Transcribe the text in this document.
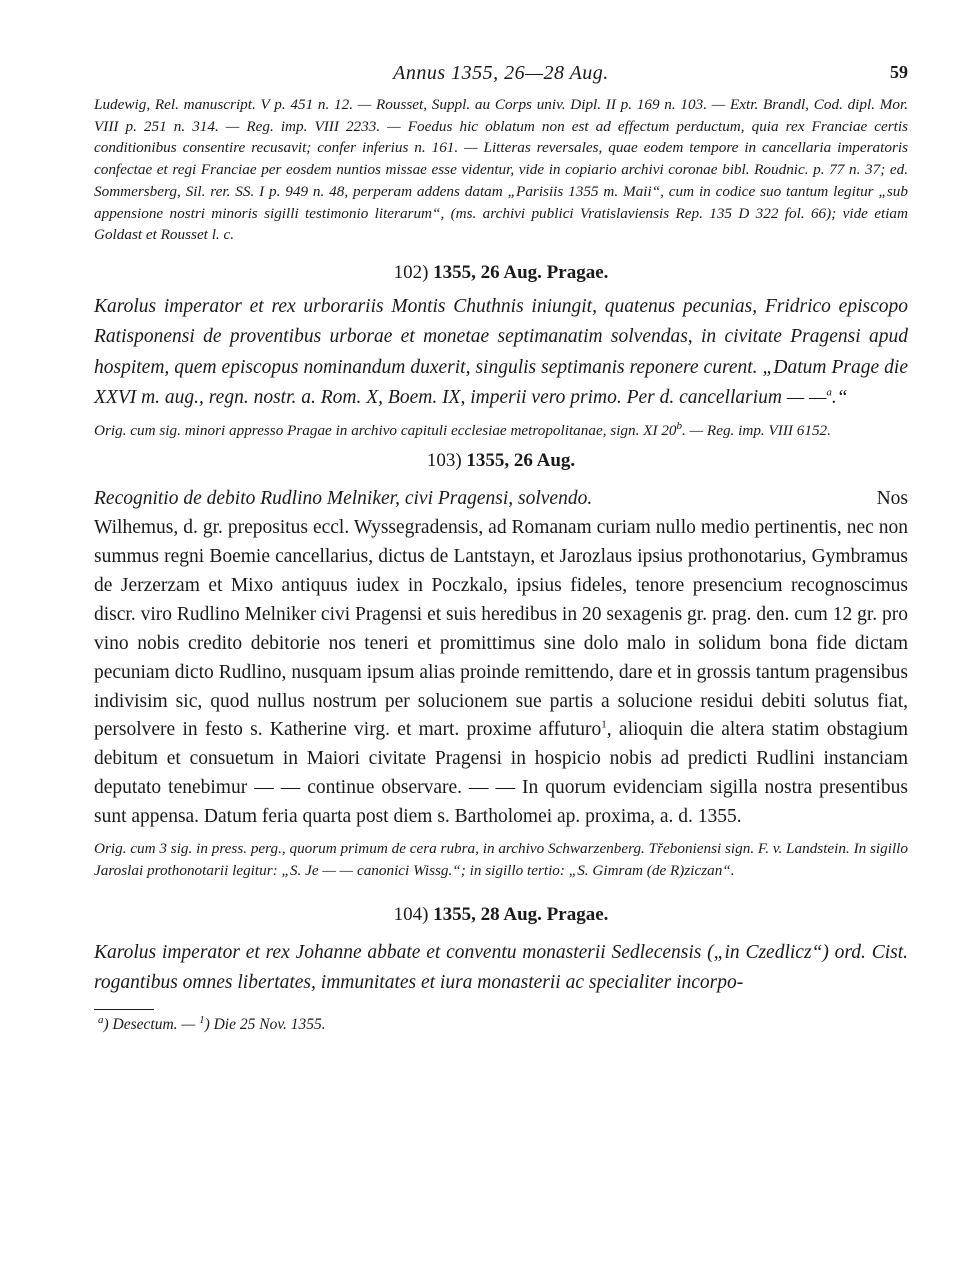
Annus 1355, 26—28 Aug.	59

Ludewig, Rel. manuscript. V p. 451 n. 12. — Rousset, Suppl. au Corps univ. Dipl. II p. 169 n. 103. — Extr. Brandl, Cod. dipl. Mor. VIII p. 251 n. 314. — Reg. imp. VIII 2233. — Foedus hic oblatum non est ad effectum perductum, quia rex Franciae certis conditionibus consentire recusavit; confer inferius n. 161. — Litteras reversales, quae eodem tempore in cancellaria imperatoris confectae et regi Franciae per eosdem nuntios missae esse videntur, vide in copiario archivi coronae bibl. Roudnic. p. 77 n. 37; ed. Sommersberg, Sil. rer. SS. I p. 949 n. 48, perperam addens datam „Parisiis 1355 m. Maii“, cum in codice suo tantum legitur „sub appensione nostri minoris sigilli testimonio literarum“, (ms. archivi publici Vratislaviensis Rep. 135 D 322 fol. 66); vide etiam Goldast et Rousset l. c.

102) 1355, 26 Aug. Pragae.

Karolus imperator et rex urborariis Montis Chuthnis iniungit, quatenus pecunias, Fridrico episcopo Ratisponensi de proventibus urborae et monetae septimanatim solvendas, in civitate Pragensi apud hospitem, quem episcopus nominandum duxerit, singulis septimanis reponere curent. „Datum Prage die XXVI m. aug., regn. nostr. a. Rom. X, Boem. IX, imperii vero primo. Per d. cancellarium — —$^a$.“

Orig. cum sig. minori appresso Pragae in archivo capituli ecclesiae metropolitanae, sign. XI 20$^b$. — Reg. imp. VIII 6152.

103) 1355, 26 Aug.

Recognitio de debito Rudlino Melniker, civi Pragensi, solvendo.	Nos

Wilhemus, d. gr. prepositus eccl. Wyssegradensis, ad Romanam curiam nullo medio pertinentis, nec non summus regni Boemie cancellarius, dictus de Lantstayn, et Jarozlaus ipsius prothonotarius, Gymbramus de Jerzerzam et Mixo antiquus iudex in Poczkalo, ipsius fideles, tenore presencium recognoscimus discr. viro Rudlino Melniker civi Pragensi et suis heredibus in 20 sexagenis gr. prag. den. cum 12 gr. pro vino nobis credito debitorie nos teneri et promittimus sine dolo malo in solidum bona fide dictam pecuniam dicto Rudlino, nusquam ipsum alias proinde remittendo, dare et in grossis tantum pragensibus indivisim sic, quod nullus nostrum per solucionem sue partis a solucione residui debiti solutus fiat, persolvere in festo s. Katherine virg. et mart. proxime affuturo$^1$, alioquin die altera statim obstagium debitum et consuetum in Maiori civitate Pragensi in hospicio nobis ad predicti Rudlini instanciam deputato tenebimur — — continue observare. — — In quorum evidenciam sigilla nostra presentibus sunt appensa. Datum feria quarta post diem s. Bartholomei ap. proxima, a. d. 1355.

Orig. cum 3 sig. in press. perg., quorum primum de cera rubra, in archivo Schwarzenberg. Třeboniensi sign. F. v. Landstein. In sigillo Jaroslai prothonotarii legitur: „S. Je — — canonici Wissg.“; in sigillo tertio: „S. Gimram (de R)ziczan“.

104) 1355, 28 Aug. Pragae.

Karolus imperator et rex Johanne abbate et conventu monasterii Sedlecensis („in Czedlicz“) ord. Cist. rogantibus omnes libertates, immunitates et iura monasterii ac specialiter incorpo-

$^a$) Desectum. — $^1$) Die 25 Nov. 1355.
